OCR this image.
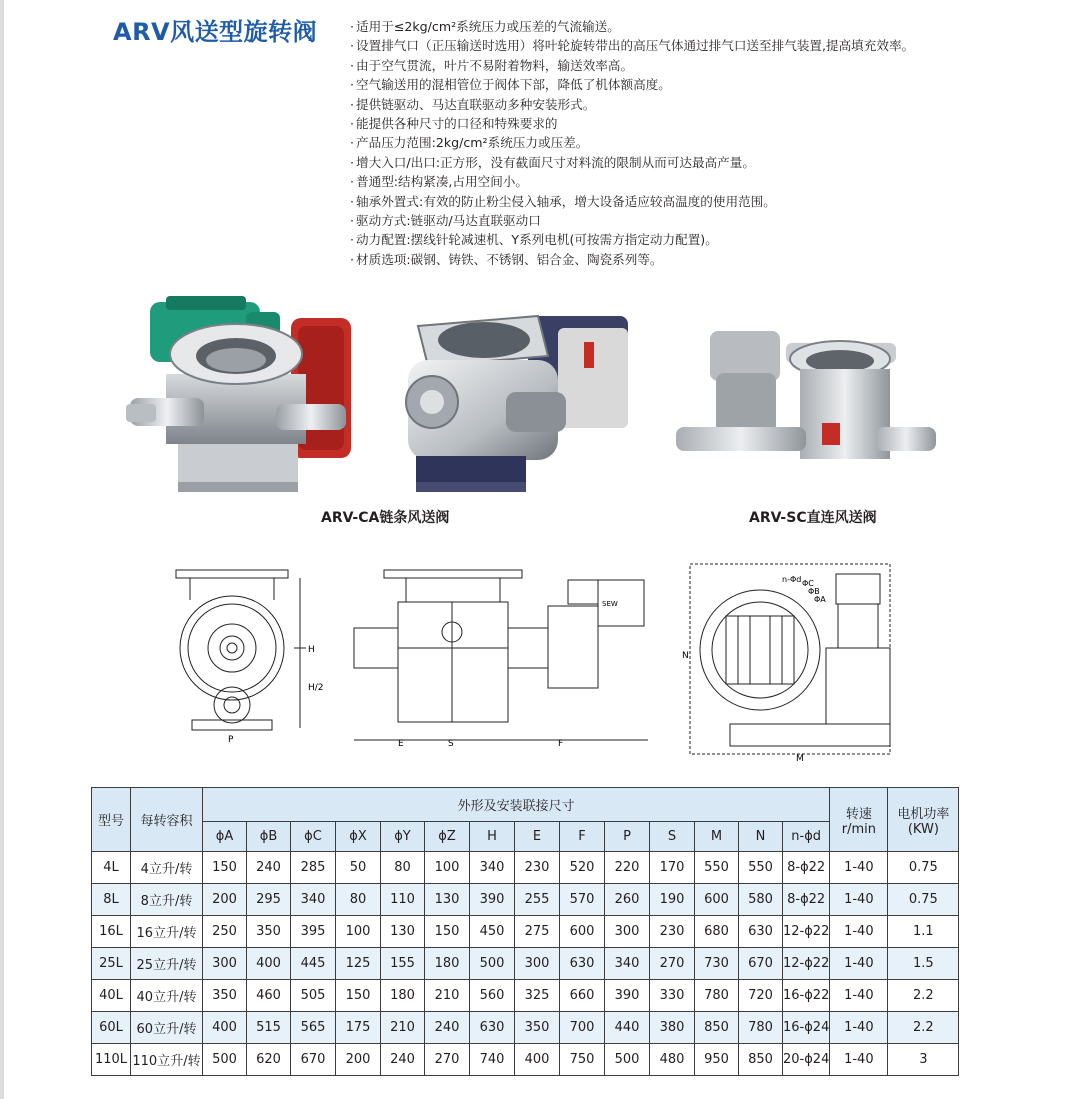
ARV风送型旋转阀	· 适用于≤2kg/cm²系统压力或压差的气流输送。
· 设置排气口（正压输送时选用）将叶轮旋转带出的高压气体通过排气口送至排气装置,提高填充效率。
· 由于空气贯流，叶片不易附着物料，输送效率高。
· 空气输送用的混相管位于阀体下部，降低了机体额高度。
· 提供链驱动、马达直联驱动多种安装形式。
· 能提供各种尺寸的口径和特殊要求的
· 产品压力范围:2kg/cm²系统压力或压差。
· 增大入口/出口:正方形，没有截面尺寸对料流的限制从而可达最高产量。
· 普通型:结构紧凑,占用空间小。
· 轴承外置式:有效的防止粉尘侵入轴承，增大设备适应较高温度的使用范围。
· 驱动方式:链驱动/马达直联驱动口
· 动力配置:摆线针轮减速机、Y系列电机(可按需方指定动力配置)。
· 材质选项:碳钢、铸铁、不锈钢、铝合金、陶瓷系列等。
ARV-CA链条风送阀	ARV-SC直连风送阀
H
H/2
P
SEW
E	S	F
n-Φd ΦC
ΦB
ΦA
N
M
型号	每转容积	外形及安装联接尺寸														转速
r/min	电机功率
(KW)
		ϕA	ϕB	ϕC	ϕX	ϕY	ϕZ	H	E	F	P	S	M	N	n-ϕd		
4L	4立升/转	150	240	285	50	80	100	340	230	520	220	170	550	550	8-ϕ22	1-40	0.75
8L	8立升/转	200	295	340	80	110	130	390	255	570	260	190	600	580	8-ϕ22	1-40	0.75
16L	16立升/转	250	350	395	100	130	150	450	275	600	300	230	680	630	12-ϕ22	1-40	1.1
25L	25立升/转	300	400	445	125	155	180	500	300	630	340	270	730	670	12-ϕ22	1-40	1.5
40L	40立升/转	350	460	505	150	180	210	560	325	660	390	330	780	720	16-ϕ22	1-40	2.2
60L	60立升/转	400	515	565	175	210	240	630	350	700	440	380	850	780	16-ϕ24	1-40	2.2
110L	110立升/转	500	620	670	200	240	270	740	400	750	500	480	950	850	20-ϕ24	1-40	3
